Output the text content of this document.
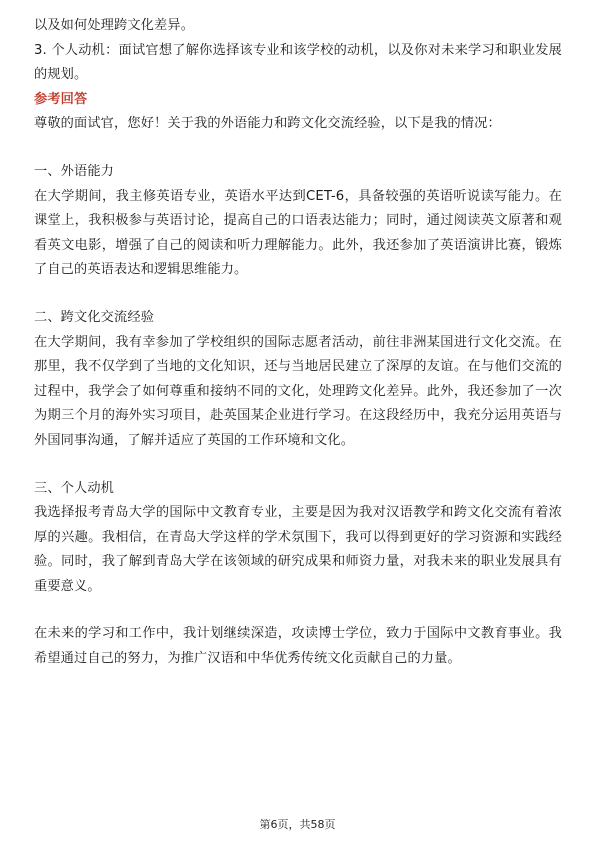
以及如何处理跨文化差异。

3. 个人动机：面试官想了解你选择该专业和该学校的动机，以及你对未来学习和职业发展的规划。

参考回答

尊敬的面试官，您好！关于我的外语能力和跨文化交流经验，以下是我的情况：

一、外语能力

在大学期间，我主修英语专业，英语水平达到CET-6，具备较强的英语听说读写能力。在课堂上，我积极参与英语讨论，提高自己的口语表达能力；同时，通过阅读英文原著和观看英文电影，增强了自己的阅读和听力理解能力。此外，我还参加了英语演讲比赛，锻炼了自己的英语表达和逻辑思维能力。

二、跨文化交流经验

在大学期间，我有幸参加了学校组织的国际志愿者活动，前往非洲某国进行文化交流。在那里，我不仅学到了当地的文化知识，还与当地居民建立了深厚的友谊。在与他们交流的过程中，我学会了如何尊重和接纳不同的文化，处理跨文化差异。此外，我还参加了一次为期三个月的海外实习项目，赴英国某企业进行学习。在这段经历中，我充分运用英语与外国同事沟通，了解并适应了英国的工作环境和文化。

三、个人动机

我选择报考青岛大学的国际中文教育专业，主要是因为我对汉语教学和跨文化交流有着浓厚的兴趣。我相信，在青岛大学这样的学术氛围下，我可以得到更好的学习资源和实践经验。同时，我了解到青岛大学在该领域的研究成果和师资力量，对我未来的职业发展具有重要意义。

在未来的学习和工作中，我计划继续深造，攻读博士学位，致力于国际中文教育事业。我希望通过自己的努力，为推广汉语和中华优秀传统文化贡献自己的力量。

第6页，共58页
